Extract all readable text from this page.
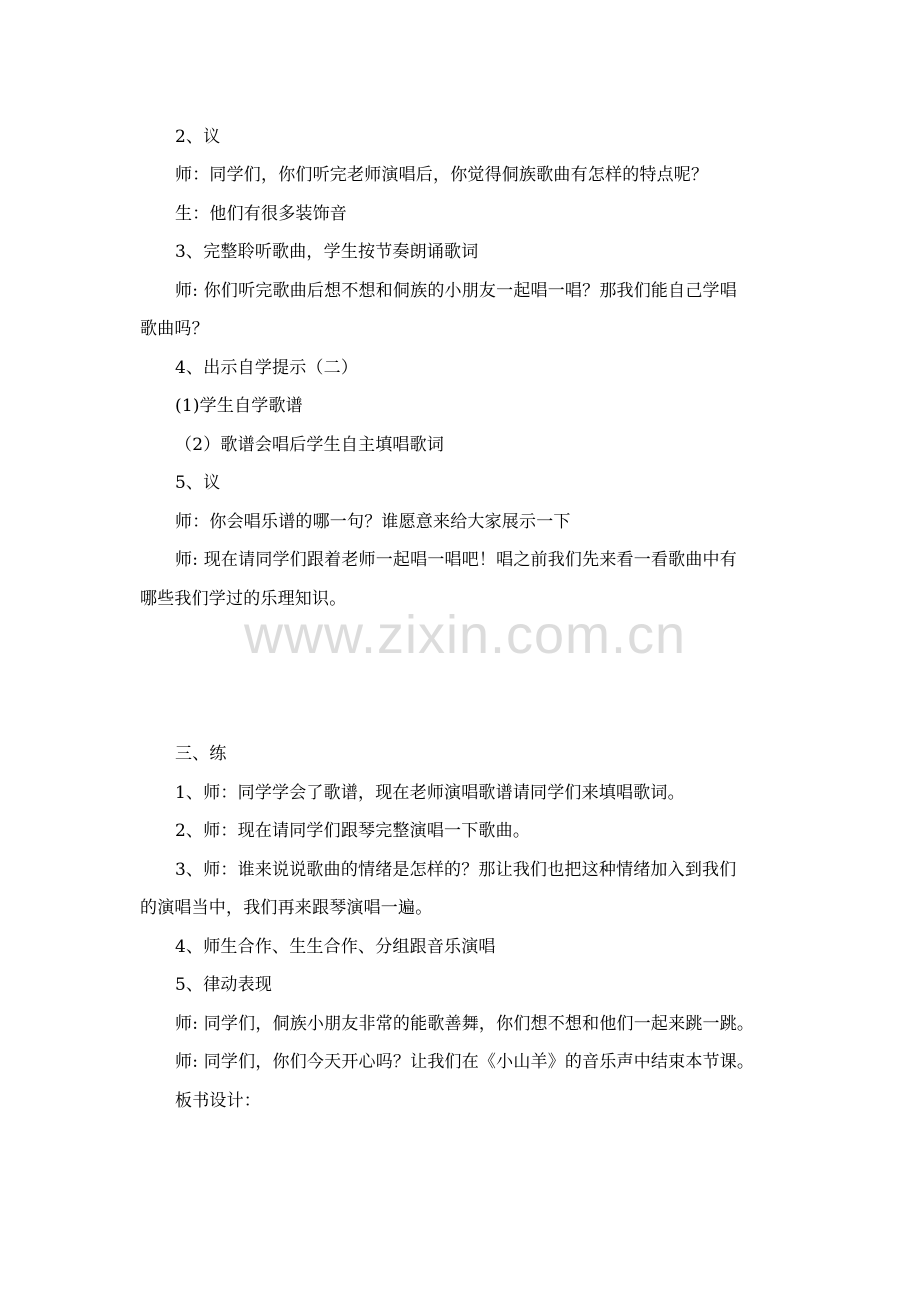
2、议
师：同学们，你们听完老师演唱后，你觉得侗族歌曲有怎样的特点呢？
生：他们有很多装饰音
3、完整聆听歌曲，学生按节奏朗诵歌词
师: 你们听完歌曲后想不想和侗族的小朋友一起唱一唱？那我们能自己学唱
歌曲吗？
4、出示自学提示（二）
(1)学生自学歌谱
（2）歌谱会唱后学生自主填唱歌词
5、议
师：你会唱乐谱的哪一句？谁愿意来给大家展示一下
师: 现在请同学们跟着老师一起唱一唱吧！唱之前我们先来看一看歌曲中有
哪些我们学过的乐理知识。
www.zixin.com.cn
三、练
1、师：同学学会了歌谱，现在老师演唱歌谱请同学们来填唱歌词。
2、师：现在请同学们跟琴完整演唱一下歌曲。
3、师：谁来说说歌曲的情绪是怎样的？那让我们也把这种情绪加入到我们
的演唱当中，我们再来跟琴演唱一遍。
4、师生合作、生生合作、分组跟音乐演唱
5、律动表现
师: 同学们，侗族小朋友非常的能歌善舞，你们想不想和他们一起来跳一跳。
师: 同学们，你们今天开心吗？让我们在《小山羊》的音乐声中结束本节课。
板书设计：
